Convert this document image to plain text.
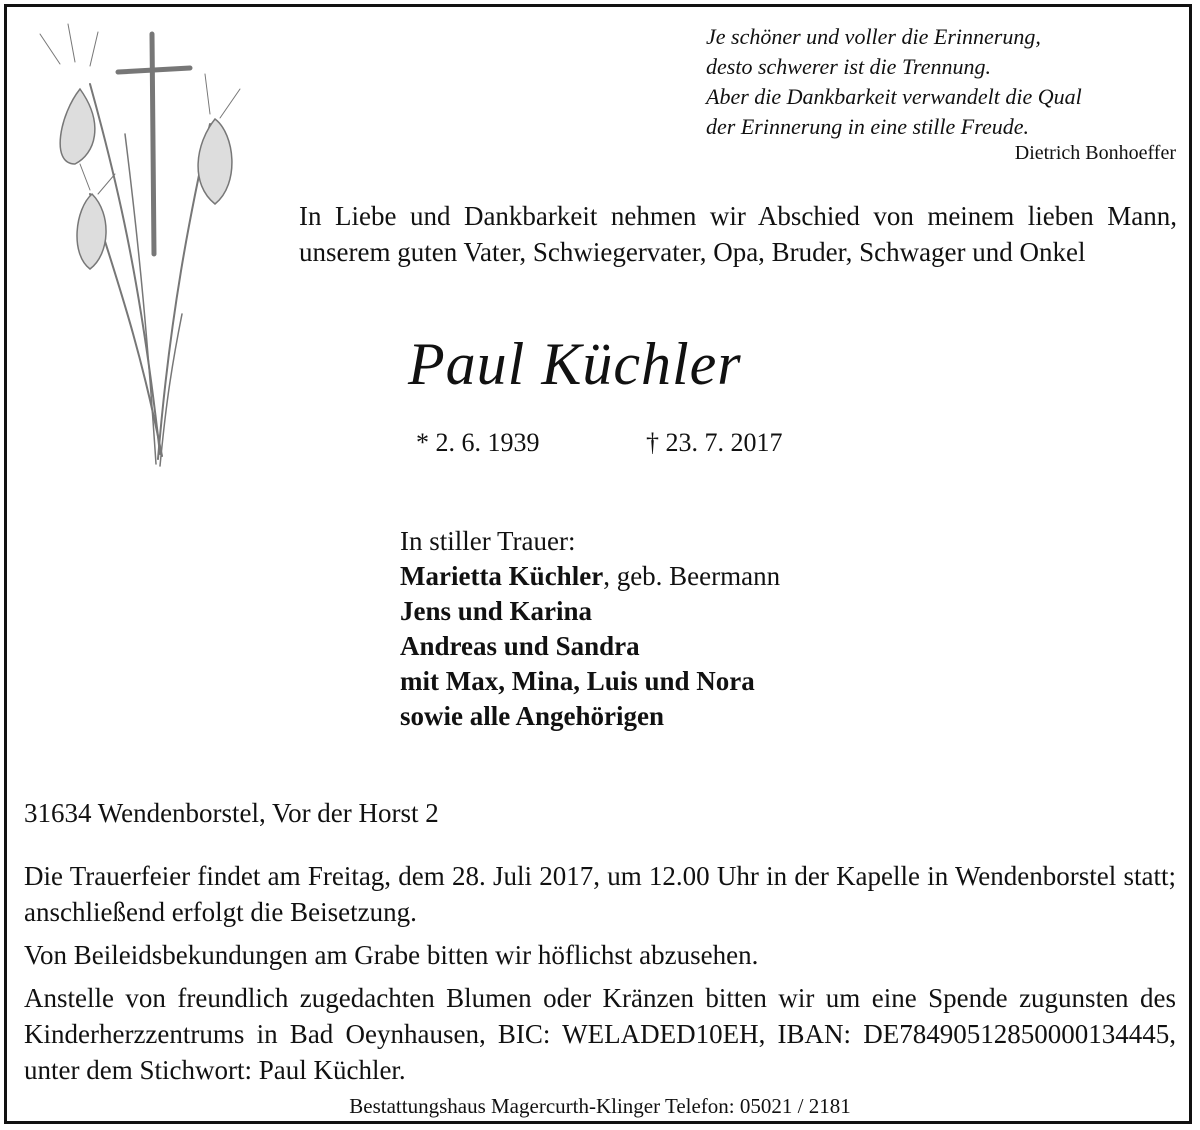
Je schöner und voller die Erinnerung,
desto schwerer ist die Trennung.
Aber die Dankbarkeit verwandelt die Qual
der Erinnerung in eine stille Freude.
Dietrich Bonhoeffer
In Liebe und Dankbarkeit nehmen wir Abschied von meinem lieben Mann, unserem guten Vater, Schwiegervater, Opa, Bruder, Schwager und Onkel
Paul Küchler
* 2. 6. 1939	† 23. 7. 2017
In stiller Trauer:
Marietta Küchler, geb. Beermann
Jens und Karina
Andreas und Sandra
mit Max, Mina, Luis und Nora
sowie alle Angehörigen
31634 Wendenborstel, Vor der Horst 2

Die Trauerfeier findet am Freitag, dem 28. Juli 2017, um 12.00 Uhr in der Kapelle in Wendenborstel statt; anschließend erfolgt die Beisetzung.

Von Beileidsbekundungen am Grabe bitten wir höflichst abzusehen.

Anstelle von freundlich zugedachten Blumen oder Kränzen bitten wir um eine Spende zugunsten des Kinderherzzentrums in Bad Oeynhausen, BIC: WELADED10EH, IBAN: DE78490512850000134445, unter dem Stichwort: Paul Küchler.

Bestattungshaus Magercurth-Klinger Telefon: 05021 / 2181
